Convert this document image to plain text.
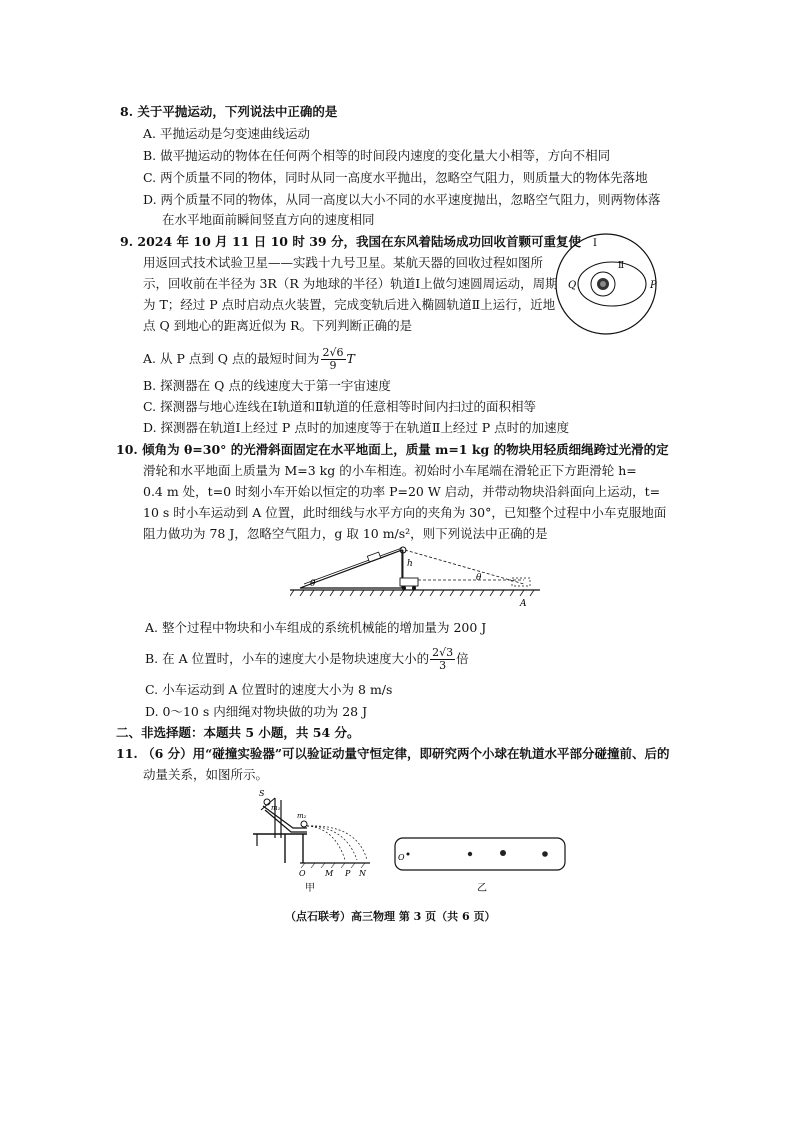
8. 关于平抛运动，下列说法中正确的是
A. 平抛运动是匀变速曲线运动
B. 做平抛运动的物体在任何两个相等的时间段内速度的变化量大小相等，方向不相同
C. 两个质量不同的物体，同时从同一高度水平抛出，忽略空气阻力，则质量大的物体先落地
D. 两个质量不同的物体，从同一高度以大小不同的水平速度抛出，忽略空气阻力，则两物体落
在水平地面前瞬间竖直方向的速度相同
9. 2024 年 10 月 11 日 10 时 39 分，我国在东风着陆场成功回收首颗可重复使
用返回式技术试验卫星——实践十九号卫星。某航天器的回收过程如图所
示，回收前在半径为 3R（R 为地球的半径）轨道Ⅰ上做匀速圆周运动，周期
为 T；经过 P 点时启动点火装置，完成变轨后进入椭圆轨道Ⅱ上运行，近地
点 Q 到地心的距离近似为 R。下列判断正确的是
Ⅰ
Ⅱ
Q	P
A. 从 P 点到 Q 点的最短时间为 $\frac{2√6}{9}$ T
B. 探测器在 Q 点的线速度大于第一宇宙速度
C. 探测器与地心连线在Ⅰ轨道和Ⅱ轨道的任意相等时间内扫过的面积相等
D. 探测器在轨道Ⅰ上经过 P 点时的加速度等于在轨道Ⅱ上经过 P 点时的加速度
10. 倾角为 θ=30° 的光滑斜面固定在水平地面上，质量 m=1 kg 的物块用轻质细绳跨过光滑的定
滑轮和水平地面上质量为 M=3 kg 的小车相连。初始时小车尾端在滑轮正下方距滑轮 h=
0.4 m 处，t=0 时刻小车开始以恒定的功率 P=20 W 启动，并带动物块沿斜面向上运动，t=
10 s 时小车运动到 A 位置，此时细线与水平方向的夹角为 30°，已知整个过程中小车克服地面
阻力做功为 78 J，忽略空气阻力，g 取 10 m/s²，则下列说法中正确的是
θ
h
θ
A
A. 整个过程中物块和小车组成的系统机械能的增加量为 200 J
B. 在 A 位置时，小车的速度大小是物块速度大小的 $\frac{2√3}{3}$ 倍
C. 小车运动到 A 位置时的速度大小为 8 m/s
D. 0～10 s 内细绳对物块做的功为 28 J
二、非选择题：本题共 5 小题，共 54 分。
11. （6 分）用“碰撞实验器”可以验证动量守恒定律，即研究两个小球在轨道水平部分碰撞前、后的
动量关系，如图所示。
S
m₁
m₂
O M P N
甲
O
乙
（点石联考）高三物理 第 3 页（共 6 页）
